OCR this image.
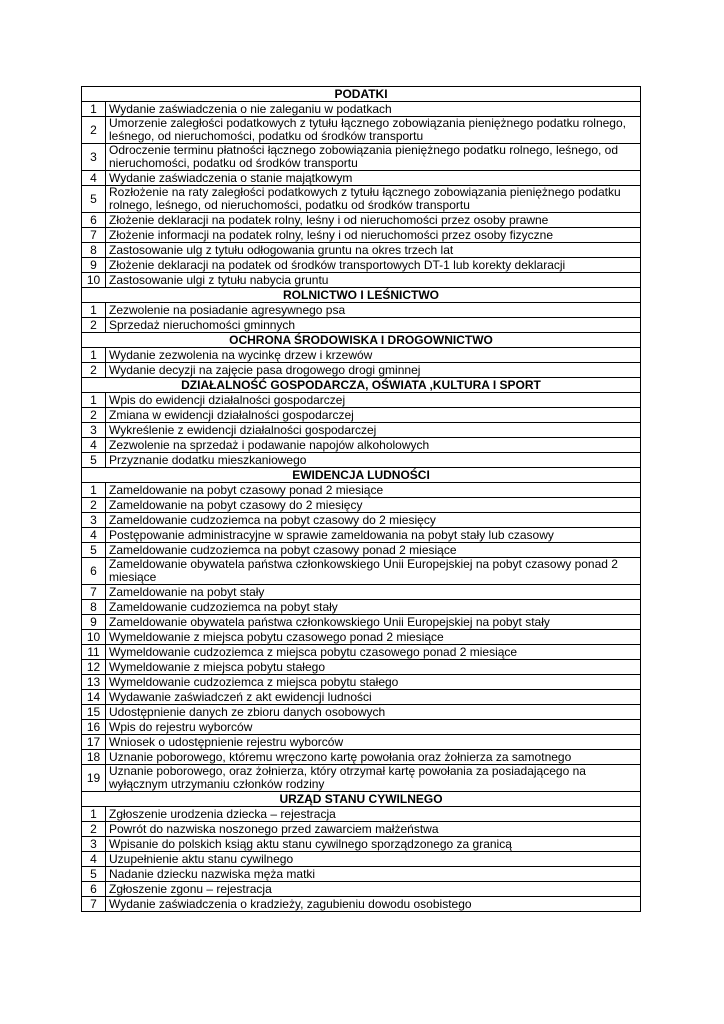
PODATKI	
1	Wydanie zaświadczenia o nie zaleganiu w podatkach
2	Umorzenie zaległości podatkowych z tytułu łącznego zobowiązania pieniężnego podatku rolnego, leśnego, od nieruchomości, podatku od środków transportu
3	Odroczenie terminu płatności łącznego zobowiązania pieniężnego podatku rolnego, leśnego, od nieruchomości, podatku od środków transportu
4	Wydanie zaświadczenia o stanie majątkowym
5	Rozłożenie na raty zaległości podatkowych z tytułu łącznego zobowiązania pieniężnego podatku rolnego, leśnego, od nieruchomości, podatku od środków transportu
6	Złożenie deklaracji na podatek rolny, leśny i od nieruchomości przez osoby prawne
7	Złożenie informacji na podatek rolny, leśny i od nieruchomości przez osoby fizyczne
8	Zastosowanie ulg z tytułu odłogowania gruntu na okres trzech lat
9	Złożenie deklaracji na podatek od środków transportowych DT-1 lub korekty deklaracji
10	Zastosowanie ulgi z tytułu nabycia gruntu
ROLNICTWO I LEŚNICTWO	
1	Zezwolenie na posiadanie agresywnego psa
2	Sprzedaż nieruchomości gminnych
OCHRONA ŚRODOWISKA I DROGOWNICTWO	
1	Wydanie zezwolenia na wycinkę drzew i krzewów
2	Wydanie decyzji na zajęcie pasa drogowego drogi gminnej
DZIAŁALNOŚĆ GOSPODARCZA, OŚWIATA ,KULTURA I SPORT	
1	Wpis do ewidencji działalności gospodarczej
2	Zmiana w ewidencji działalności gospodarczej
3	Wykreślenie z ewidencji działalności gospodarczej
4	Zezwolenie na sprzedaż i podawanie napojów alkoholowych
5	Przyznanie dodatku mieszkaniowego
EWIDENCJA LUDNOŚCI	
1	Zameldowanie na pobyt czasowy ponad 2 miesiące
2	Zameldowanie na pobyt czasowy do 2 miesięcy
3	Zameldowanie cudzoziemca na pobyt czasowy do 2 miesięcy
4	Postępowanie administracyjne w sprawie zameldowania na pobyt stały lub czasowy
5	Zameldowanie cudzoziemca na pobyt czasowy ponad 2 miesiące
6	Zameldowanie obywatela państwa członkowskiego Unii Europejskiej na pobyt czasowy ponad 2 miesiące
7	Zameldowanie na pobyt stały
8	Zameldowanie cudzoziemca na pobyt stały
9	Zameldowanie obywatela państwa członkowskiego Unii Europejskiej na pobyt stały
10	Wymeldowanie z miejsca pobytu czasowego ponad 2 miesiące
11	Wymeldowanie cudzoziemca z miejsca pobytu czasowego ponad 2 miesiące
12	Wymeldowanie z miejsca pobytu stałego
13	Wymeldowanie cudzoziemca z miejsca pobytu stałego
14	Wydawanie zaświadczeń z akt ewidencji ludności
15	Udostępnienie danych ze zbioru danych osobowych
16	Wpis do rejestru wyborców
17	Wniosek o udostępnienie rejestru wyborców
18	Uznanie poborowego, któremu wręczono kartę powołania oraz żołnierza za samotnego
19	Uznanie poborowego, oraz żołnierza, który otrzymał kartę powołania za posiadającego na wyłącznym utrzymaniu członków rodziny
URZĄD STANU CYWILNEGO	
1	Zgłoszenie urodzenia dziecka – rejestracja
2	Powrót do nazwiska noszonego przed zawarciem małżeństwa
3	Wpisanie do polskich ksiąg aktu stanu cywilnego sporządzonego za granicą
4	Uzupełnienie aktu stanu cywilnego
5	Nadanie dziecku nazwiska męża matki
6	Zgłoszenie zgonu – rejestracja
7	Wydanie zaświadczenia o kradzieży, zagubieniu dowodu osobistego
